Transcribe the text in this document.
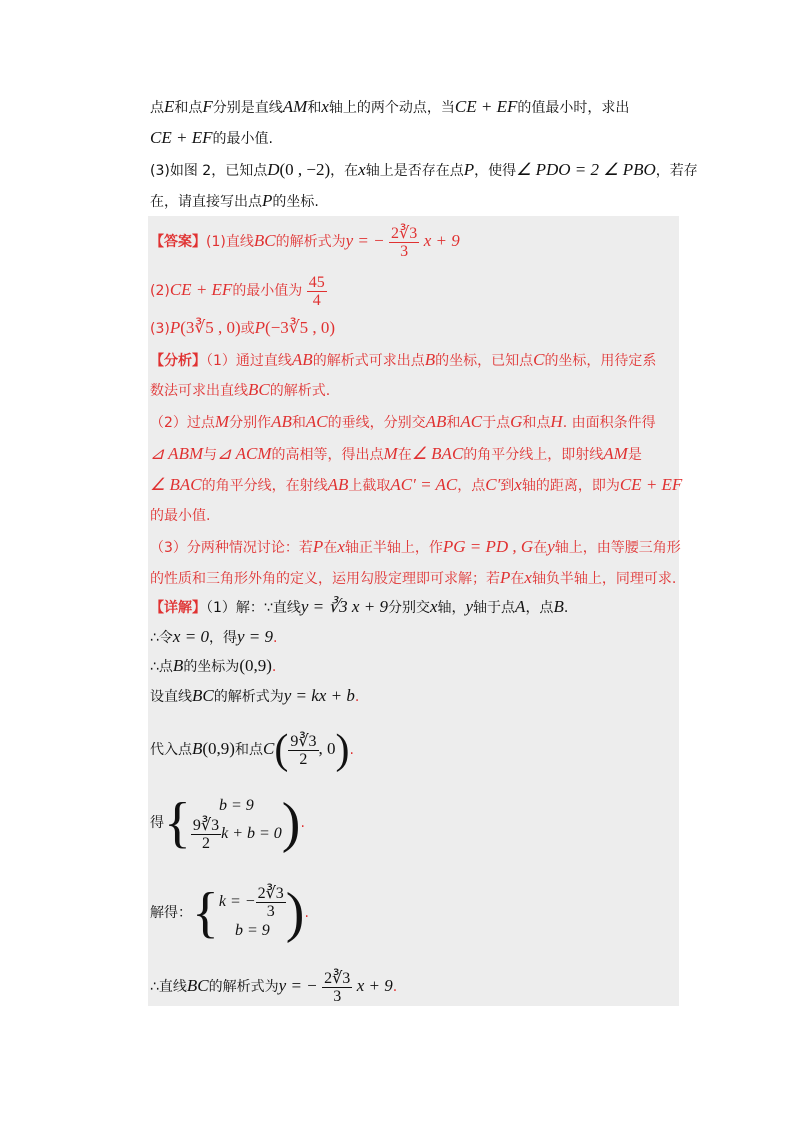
点E和点F分别是直线AM和x轴上的两个动点，当CE + EF的值最小时，求出
CE + EF的最小值.
(3)如图 2，已知点D(0 , −2)，在x轴上是否存在点P，使得∠ PDO = 2 ∠ PBO，若存
在，请直接写出点P的坐标.
【答案】(1)直线BC的解析式为y = − $\frac{2∛3}{3}$ x + 9
(2)CE + EF的最小值为 $\frac{45}{4}$
(3)P(3∛5 , 0)或P(−3∛5 , 0)
【分析】（1）通过直线AB的解析式可求出点B的坐标，已知点C的坐标，用待定系
数法可求出直线BC的解析式.
（2）过点M分别作AB和AC的垂线，分别交AB和AC于点G和点H. 由面积条件得
⊿ ABM与⊿ ACM的高相等，得出点M在∠ BAC的角平分线上，即射线AM是
∠ BAC的角平分线，在射线AB上截取AC′ = AC，点C′到x轴的距离，即为CE + EF
的最小值.
（3）分两种情况讨论：若P在x轴正半轴上，作PG = PD , G在y轴上，由等腰三角形
的性质和三角形外角的定义，运用勾股定理即可求解；若P在x轴负半轴上，同理可求.
【详解】（1）解：∵直线y = ∛3 x + 9分别交x轴，y轴于点A，点B.
∴令x = 0，得y = 9.
∴点B的坐标为(0,9).
设直线BC的解析式为y = kx + b.
代入点B(0,9)和点$C( \frac{9∛3}{2}$ , 0).
得{	b = 9
$\frac{9∛3}{2}$ k + b = 0 ).
解得：{ k = − $\frac{2∛3}{3}$
b = 9 ).
∴直线BC的解析式为y = − $\frac{2∛3}{3}$ x + 9.
